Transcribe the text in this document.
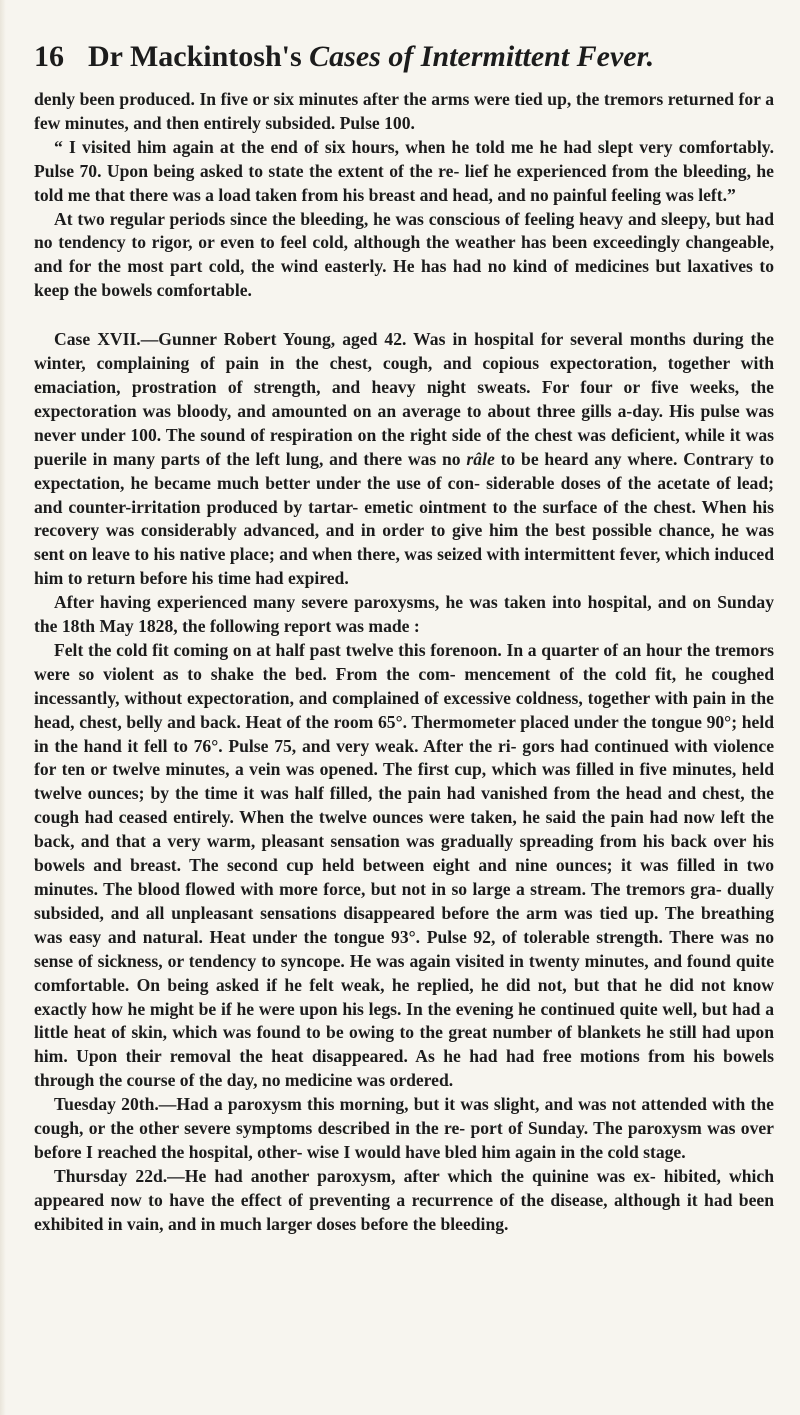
16 Dr Mackintosh's Cases of Intermittent Fever.

denly been produced. In five or six minutes after the arms were tied up, the tremors returned for a few minutes, and then entirely subsided. Pulse 100.

“ I visited him again at the end of six hours, when he told me he had slept very comfortably. Pulse 70. Upon being asked to state the extent of the re- lief he experienced from the bleeding, he told me that there was a load taken from his breast and head, and no painful feeling was left.”

At two regular periods since the bleeding, he was conscious of feeling heavy and sleepy, but had no tendency to rigor, or even to feel cold, although the weather has been exceedingly changeable, and for the most part cold, the wind easterly. He has had no kind of medicines but laxatives to keep the bowels comfortable.

Case XVII.—Gunner Robert Young, aged 42. Was in hospital for several months during the winter, complaining of pain in the chest, cough, and copious expectoration, together with emaciation, prostration of strength, and heavy night sweats. For four or five weeks, the expectoration was bloody, and amounted on an average to about three gills a-day. His pulse was never under 100. The sound of respiration on the right side of the chest was deficient, while it was puerile in many parts of the left lung, and there was no râle to be heard any where. Contrary to expectation, he became much better under the use of con- siderable doses of the acetate of lead; and counter-irritation produced by tartar- emetic ointment to the surface of the chest. When his recovery was considerably advanced, and in order to give him the best possible chance, he was sent on leave to his native place; and when there, was seized with intermittent fever, which induced him to return before his time had expired.

After having experienced many severe paroxysms, he was taken into hospital, and on Sunday the 18th May 1828, the following report was made :

Felt the cold fit coming on at half past twelve this forenoon. In a quarter of an hour the tremors were so violent as to shake the bed. From the com- mencement of the cold fit, he coughed incessantly, without expectoration, and complained of excessive coldness, together with pain in the head, chest, belly and back. Heat of the room 65°. Thermometer placed under the tongue 90°; held in the hand it fell to 76°. Pulse 75, and very weak. After the ri- gors had continued with violence for ten or twelve minutes, a vein was opened. The first cup, which was filled in five minutes, held twelve ounces; by the time it was half filled, the pain had vanished from the head and chest, the cough had ceased entirely. When the twelve ounces were taken, he said the pain had now left the back, and that a very warm, pleasant sensation was gradually spreading from his back over his bowels and breast. The second cup held between eight and nine ounces; it was filled in two minutes. The blood flowed with more force, but not in so large a stream. The tremors gra- dually subsided, and all unpleasant sensations disappeared before the arm was tied up. The breathing was easy and natural. Heat under the tongue 93°. Pulse 92, of tolerable strength. There was no sense of sickness, or tendency to syncope. He was again visited in twenty minutes, and found quite comfortable. On being asked if he felt weak, he replied, he did not, but that he did not know exactly how he might be if he were upon his legs. In the evening he continued quite well, but had a little heat of skin, which was found to be owing to the great number of blankets he still had upon him. Upon their removal the heat disappeared. As he had had free motions from his bowels through the course of the day, no medicine was ordered.

Tuesday 20th.—Had a paroxysm this morning, but it was slight, and was not attended with the cough, or the other severe symptoms described in the re- port of Sunday. The paroxysm was over before I reached the hospital, other- wise I would have bled him again in the cold stage.

Thursday 22d.—He had another paroxysm, after which the quinine was ex- hibited, which appeared now to have the effect of preventing a recurrence of the disease, although it had been exhibited in vain, and in much larger doses before the bleeding.
